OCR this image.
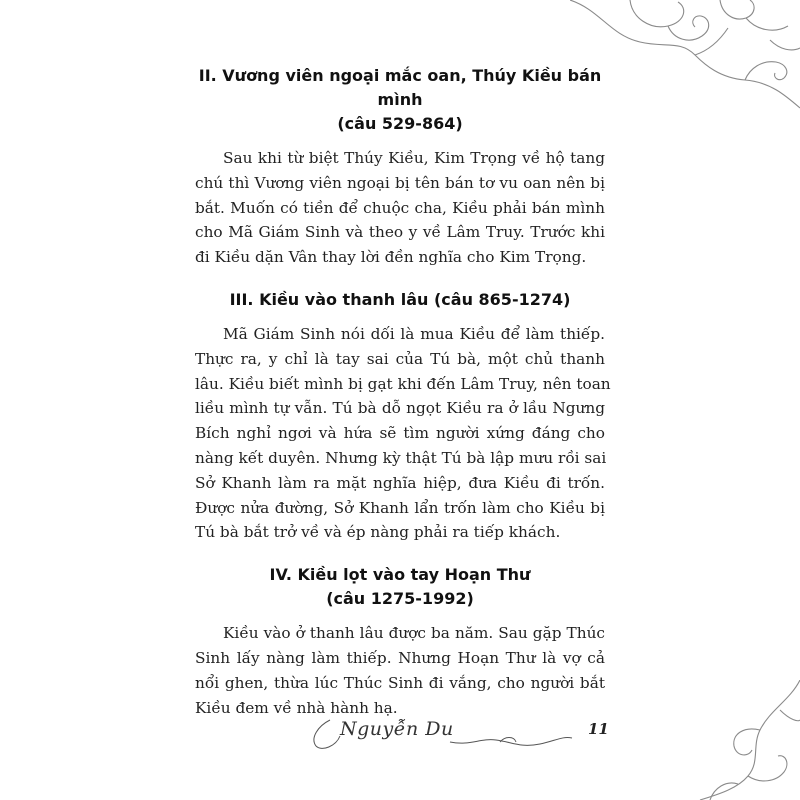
II. Vương viên ngoại mắc oan, Thúy Kiều bán mình
(câu 529-864)

Sau khi từ biệt Thúy Kiều, Kim Trọng về hộ tang
chú thì Vương viên ngoại bị tên bán tơ vu oan nên bị
bắt. Muốn có tiền để chuộc cha, Kiều phải bán mình
cho Mã Giám Sinh và theo y về Lâm Truy. Trước khi
đi Kiều dặn Vân thay lời đền nghĩa cho Kim Trọng.

III. Kiều vào thanh lâu (câu 865-1274)

Mã Giám Sinh nói dối là mua Kiều để làm thiếp.
Thực ra, y chỉ là tay sai của Tú bà, một chủ thanh
lâu. Kiều biết mình bị gạt khi đến Lâm Truy, nên toan
liều mình tự vẫn. Tú bà dỗ ngọt Kiều ra ở lầu Ngưng
Bích nghỉ ngơi và hứa sẽ tìm người xứng đáng cho
nàng kết duyên. Nhưng kỳ thật Tú bà lập mưu rồi sai
Sở Khanh làm ra mặt nghĩa hiệp, đưa Kiều đi trốn.
Được nửa đường, Sở Khanh lẩn trốn làm cho Kiều bị
Tú bà bắt trở về và ép nàng phải ra tiếp khách.

IV. Kiều lọt vào tay Hoạn Thư
(câu 1275-1992)

Kiều vào ở thanh lâu được ba năm. Sau gặp Thúc
Sinh lấy nàng làm thiếp. Nhưng Hoạn Thư là vợ cả
nổi ghen, thừa lúc Thúc Sinh đi vắng, cho người bắt
Kiều đem về nhà hành hạ.

Nguyễn Du	11
